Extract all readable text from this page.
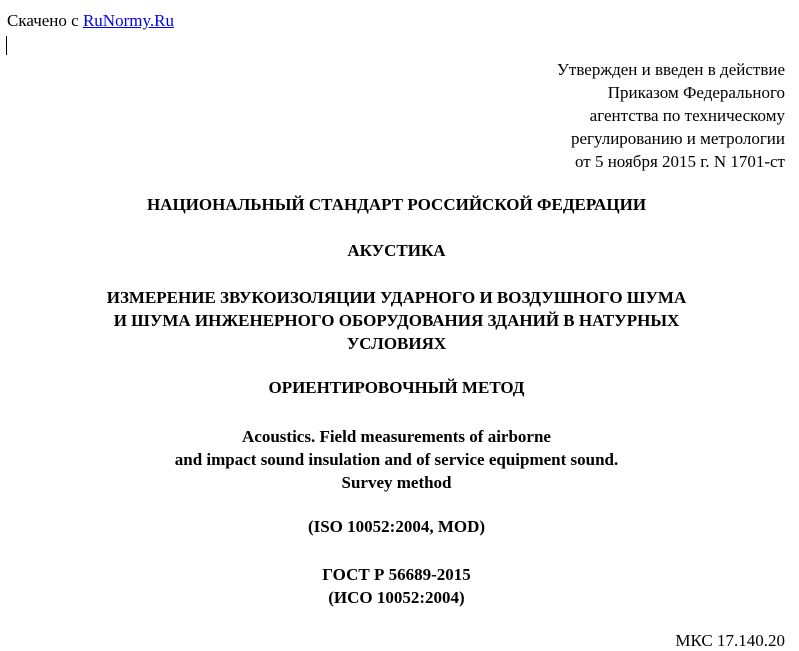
Скачено с RuNormy.Ru
Утвержден и введен в действие
Приказом Федерального
агентства по техническому
регулированию и метрологии
от 5 ноября 2015 г. N 1701-ст
НАЦИОНАЛЬНЫЙ СТАНДАРТ РОССИЙСКОЙ ФЕДЕРАЦИИ
АКУСТИКА
ИЗМЕРЕНИЕ ЗВУКОИЗОЛЯЦИИ УДАРНОГО И ВОЗДУШНОГО ШУМА
И ШУМА ИНЖЕНЕРНОГО ОБОРУДОВАНИЯ ЗДАНИЙ В НАТУРНЫХ
УСЛОВИЯХ
ОРИЕНТИРОВОЧНЫЙ МЕТОД
Acoustics. Field measurements of airborne
and impact sound insulation and of service equipment sound.
Survey method
(ISO 10052:2004, MOD)
ГОСТ Р 56689-2015
(ИСО 10052:2004)
МКС 17.140.20
